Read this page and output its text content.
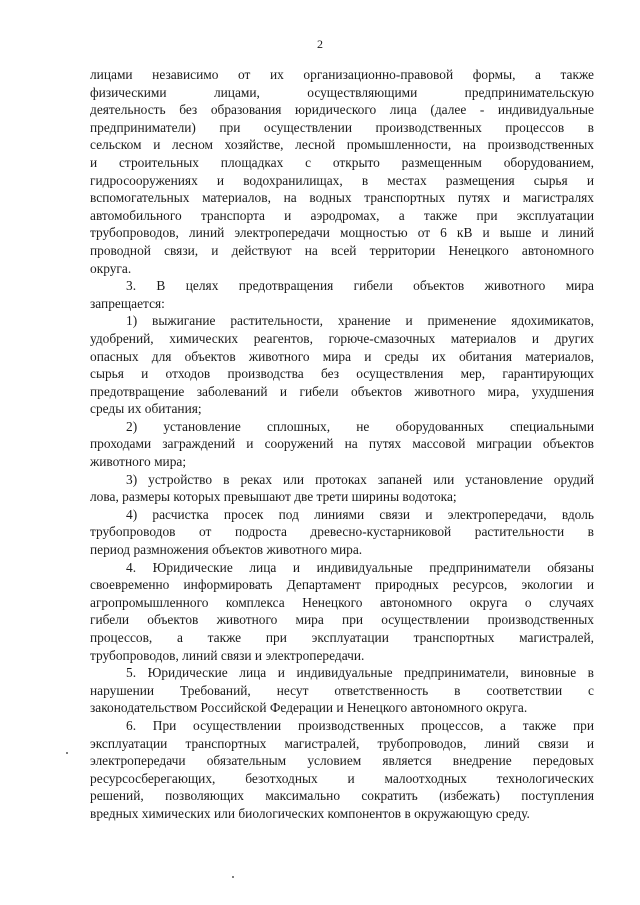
2

лицами независимо от их организационно-правовой формы, а также

физическими лицами, осуществляющими предпринимательскую

деятельность без образования юридического лица (далее - индивидуальные

предприниматели) при осуществлении производственных процессов в

сельском и лесном хозяйстве, лесной промышленности, на производственных

и строительных площадках с открыто размещенным оборудованием,

гидросооружениях и водохранилищах, в местах размещения сырья и

вспомогательных материалов, на водных транспортных путях и магистралях

автомобильного транспорта и аэродромах, а также при эксплуатации

трубопроводов, линий электропередачи мощностью от 6 кВ и выше и линий

проводной связи, и действуют на всей территории Ненецкого автономного

округа.

3. В целях предотвращения гибели объектов животного мира

запрещается:

1) выжигание растительности, хранение и применение ядохимикатов,

удобрений, химических реагентов, горюче-смазочных материалов и других

опасных для объектов животного мира и среды их обитания материалов,

сырья и отходов производства без осуществления мер, гарантирующих

предотвращение заболеваний и гибели объектов животного мира, ухудшения

среды их обитания;

2) установление сплошных, не оборудованных специальными

проходами заграждений и сооружений на путях массовой миграции объектов

животного мира;

3) устройство в реках или протоках запаней или установление орудий

лова, размеры которых превышают две трети ширины водотока;

4) расчистка просек под линиями связи и электропередачи, вдоль

трубопроводов от подроста древесно-кустарниковой растительности в

период размножения объектов животного мира.

4. Юридические лица и индивидуальные предприниматели обязаны

своевременно информировать Департамент природных ресурсов, экологии и

агропромышленного комплекса Ненецкого автономного округа о случаях

гибели объектов животного мира при осуществлении производственных

процессов, а также при эксплуатации транспортных магистралей,

трубопроводов, линий связи и электропередачи.

5. Юридические лица и индивидуальные предприниматели, виновные в

нарушении Требований, несут ответственность в соответствии с

законодательством Российской Федерации и Ненецкого автономного округа.

6. При осуществлении производственных процессов, а также при

эксплуатации транспортных магистралей, трубопроводов, линий связи и

электропередачи обязательным условием является внедрение передовых

ресурсосберегающих, безотходных и малоотходных технологических

решений, позволяющих максимально сократить (избежать) поступления

вредных химических или биологических компонентов в окружающую среду.
